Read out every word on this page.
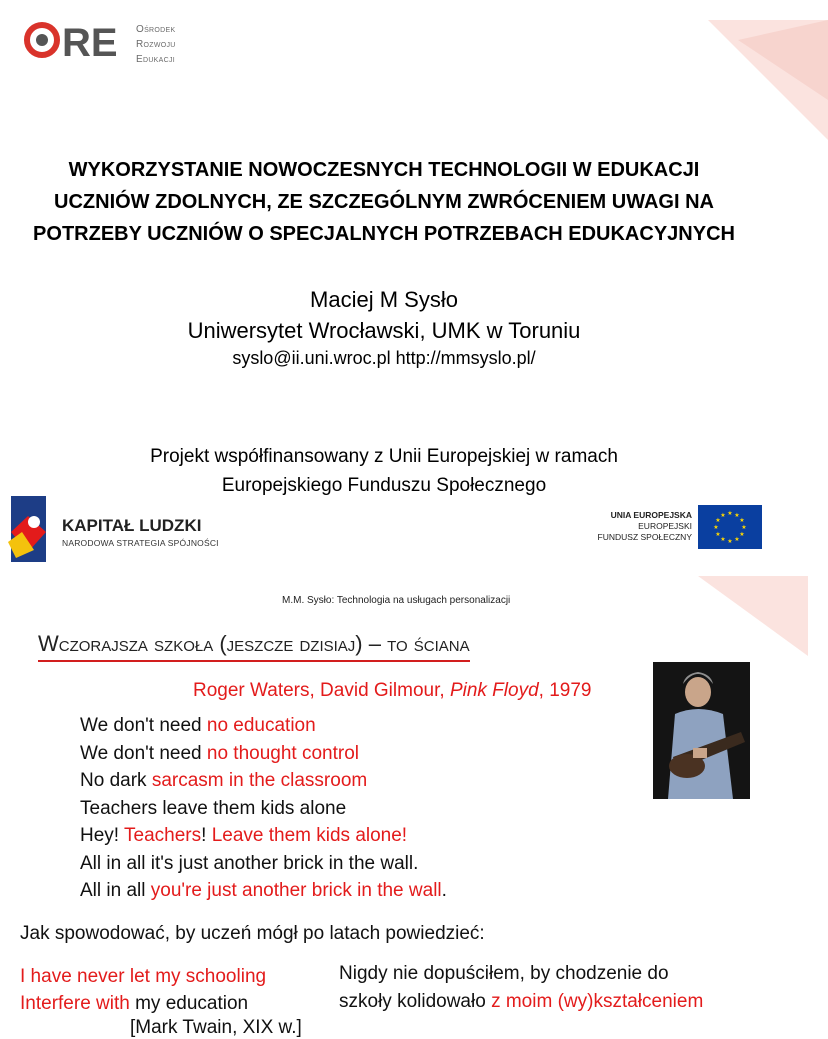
RE Ośrodek
Rozwoju
Edukacji
WYKORZYSTANIE NOWOCZESNYCH TECHNOLOGII W EDUKACJI
UCZNIÓW ZDOLNYCH, ZE SZCZEGÓLNYM ZWRÓCENIEM UWAGI NA
POTRZEBY UCZNIÓW O SPECJALNYCH POTRZEBACH EDUKACYJNYCH
Maciej M Sysło
Uniwersytet Wrocławski, UMK w Toruniu
syslo@ii.uni.wroc.pl http://mmsyslo.pl/
Projekt współfinansowany z Unii Europejskiej w ramach
Europejskiego Funduszu Społecznego
KAPITAŁ LUDZKI
NARODOWA STRATEGIA SPÓJNOŚCI
UNIA EUROPEJSKA
EUROPEJSKI
FUNDUSZ SPOŁECZNY
★ ★
★
★
★
★
★
★
★
★
★
★
M.M. Sysło: Technologia na usługach personalizacji
Wczorajsza szkoła (jeszcze dzisiaj) – to ściana
Roger Waters, David Gilmour, Pink Floyd, 1979
We don't need no education
We don't need no thought control
No dark sarcasm in the classroom
Teachers leave them kids alone
Hey! Teachers! Leave them kids alone!
All in all it's just another brick in the wall.
All in all you're just another brick in the wall.
Jak spowodować, by uczeń mógł po latach powiedzieć:
I have never let my schooling
Interfere with my education
Nigdy nie dopuściłem, by chodzenie do
szkoły kolidowało z moim (wy)kształceniem
[Mark Twain, XIX w.]
